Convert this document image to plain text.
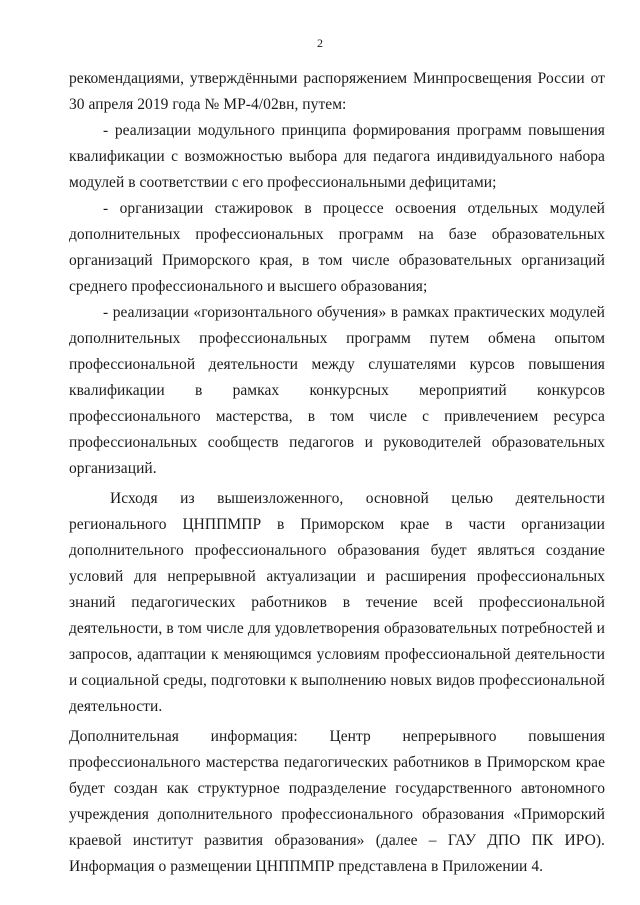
2

рекомендациями, утверждёнными распоряжением Минпросвещения России от 30 апреля 2019 года № МР-4/02вн, путем:

- реализации модульного принципа формирования программ повышения квалификации с возможностью выбора для педагога индивидуального набора модулей в соответствии с его профессиональными дефицитами;

- организации стажировок в процессе освоения отдельных модулей дополнительных профессиональных программ на базе образовательных организаций Приморского края, в том числе образовательных организаций среднего профессионального и высшего образования;

- реализации «горизонтального обучения» в рамках практических модулей дополнительных профессиональных программ путем обмена опытом профессиональной деятельности между слушателями курсов повышения квалификации в рамках конкурсных мероприятий конкурсов профессионального мастерства, в том числе с привлечением ресурса профессиональных сообществ педагогов и руководителей образовательных организаций.

Исходя из вышеизложенного, основной целью деятельности регионального ЦНППМПР в Приморском крае в части организации дополнительного профессионального образования будет являться создание условий для непрерывной актуализации и расширения профессиональных знаний педагогических работников в течение всей профессиональной деятельности, в том числе для удовлетворения образовательных потребностей и запросов, адаптации к меняющимся условиям профессиональной деятельности и социальной среды, подготовки к выполнению новых видов профессиональной деятельности.

Дополнительная информация: Центр непрерывного повышения профессионального мастерства педагогических работников в Приморском крае будет создан как структурное подразделение государственного автономного учреждения дополнительного профессионального образования «Приморский краевой институт развития образования» (далее – ГАУ ДПО ПК ИРО). Информация о размещении ЦНППМПР представлена в Приложении 4.
